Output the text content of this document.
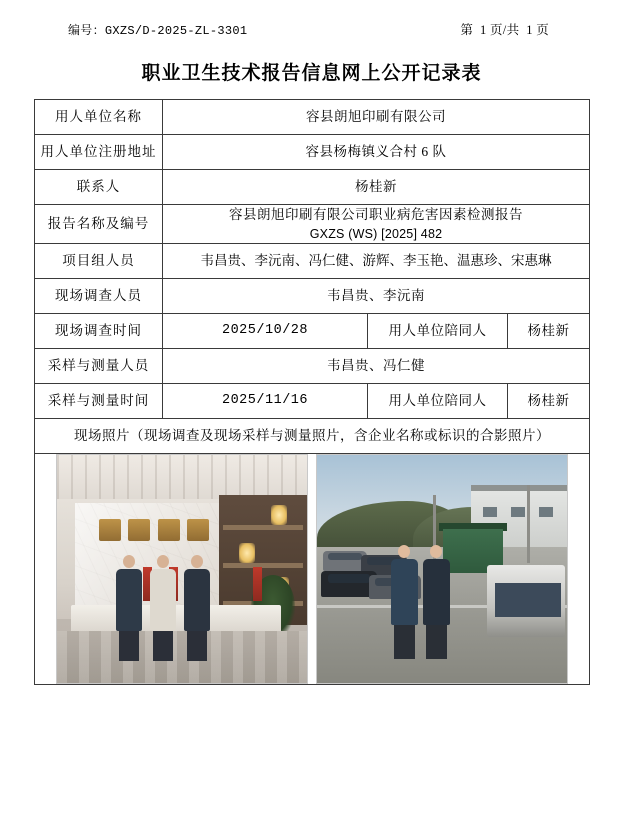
编号：GXZS/D-2025-ZL-3301	第  1 页/共  1 页
职业卫生技术报告信息网上公开记录表
用人单位名称	容县朗旭印刷有限公司		
用人单位注册地址	容县杨梅镇义合村 6 队		
联系人	杨桂新		
报告名称及编号	容县朗旭印刷有限公司职业病危害因素检测报告
GXZS (WS) [2025] 482		

项目组人员	韦昌贵、李沅南、冯仁健、游辉、李玉艳、温惠珍、宋惠琳		
现场调查人员	韦昌贵、李沅南		
现场调查时间	2025/10/28	用人单位陪同人	杨桂新
采样与测量人员	韦昌贵、冯仁健		
采样与测量时间	2025/11/16	用人单位陪同人	杨桂新
现场照片（现场调查及现场采样与测量照片，含企业名称或标识的合影照片）			
